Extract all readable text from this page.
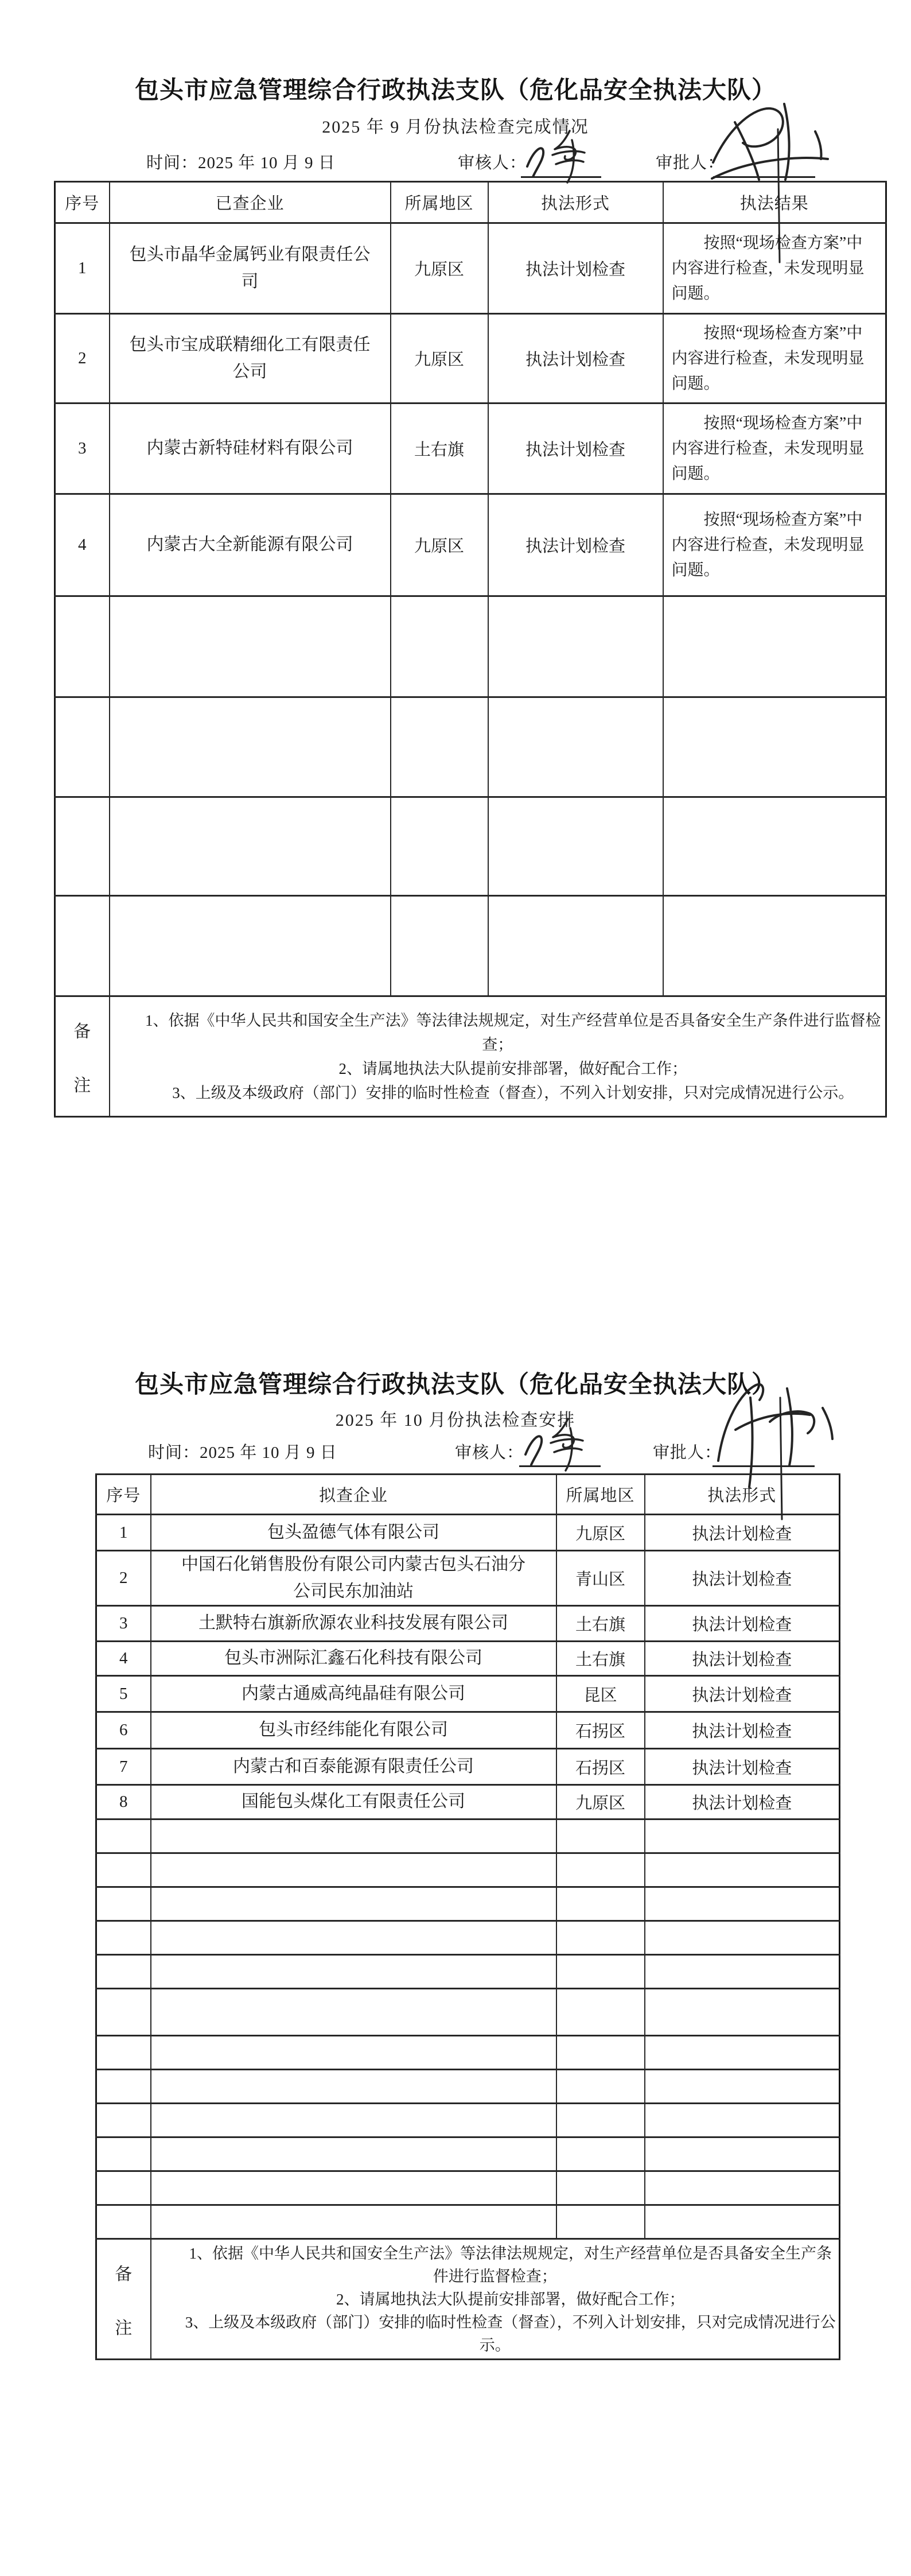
包头市应急管理综合行政执法支队（危化品安全执法大队）
2025 年 9 月份执法检查完成情况
时间：2025 年 10 月 9 日	审核人：	审批人：
序号	已查企业	所属地区	执法形式	执法结果
1	包头市晶华金属钙业有限责任公司	九原区	执法计划检查	按照“现场检查方案”中内容进行检查，未发现明显问题。

2	包头市宝成联精细化工有限责任公司	九原区	执法计划检查	按照“现场检查方案”中内容进行检查，未发现明显问题。

3	内蒙古新特硅材料有限公司	土右旗	执法计划检查	按照“现场检查方案”中内容进行检查，未发现明显问题。

4	内蒙古大全新能源有限公司	九原区	执法计划检查	按照“现场检查方案”中内容进行检查，未发现明显问题。

备
注

1、依据《中华人民共和国安全生产法》等法律法规规定，对生产经营单位是否具备安全生产条件进行监督检查；

2、请属地执法大队提前安排部署，做好配合工作；

3、上级及本级政府（部门）安排的临时性检查（督查），不列入计划安排，只对完成情况进行公示。

包头市应急管理综合行政执法支队（危化品安全执法大队）
2025 年 10 月份执法检查安排
时间：2025 年 10 月 9 日	审核人：	审批人：
序号	拟查企业	所属地区	执法形式
1	包头盈德气体有限公司	九原区	执法计划检查
2	中国石化销售股份有限公司内蒙古包头石油分公司民东加油站	青山区	执法计划检查
3	土默特右旗新欣源农业科技发展有限公司	土右旗	执法计划检查
4	包头市洲际汇鑫石化科技有限公司	土右旗	执法计划检查
5	内蒙古通威高纯晶硅有限公司	昆区	执法计划检查
6	包头市经纬能化有限公司	石拐区	执法计划检查
7	内蒙古和百泰能源有限责任公司	石拐区	执法计划检查
8	国能包头煤化工有限责任公司	九原区	执法计划检查

备
注

1、依据《中华人民共和国安全生产法》等法律法规规定，对生产经营单位是否具备安全生产条件进行监督检查；

2、请属地执法大队提前安排部署，做好配合工作；

3、上级及本级政府（部门）安排的临时性检查（督查），不列入计划安排，只对完成情况进行公示。
